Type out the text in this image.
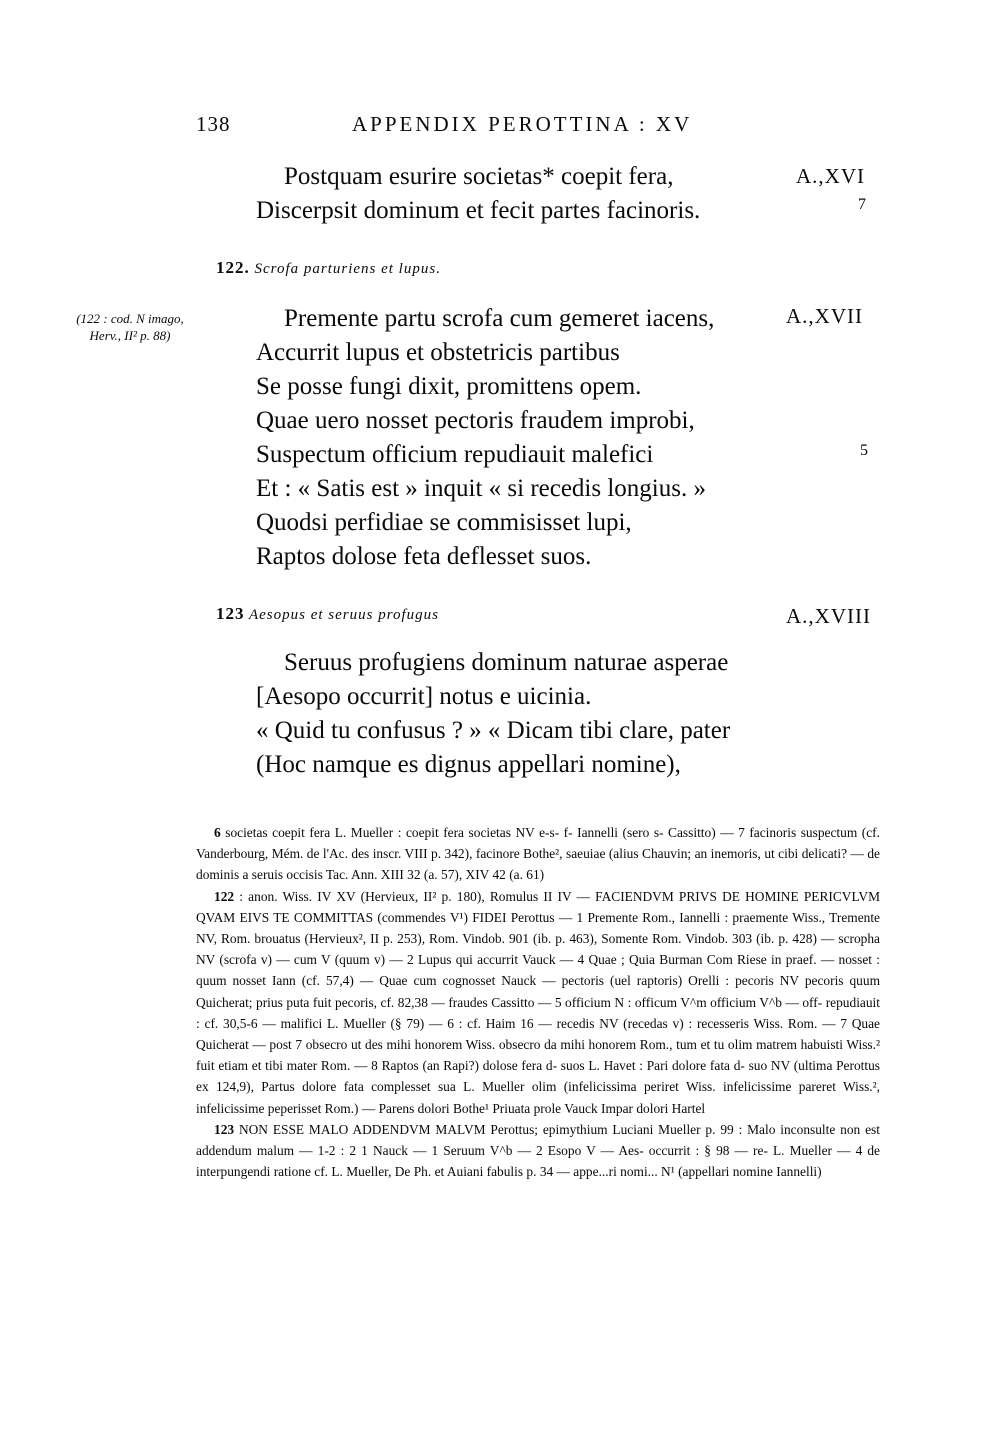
138	APPENDIX PEROTTINA : XV
Postquam esurire societas* coepit fera,	A.,XVI
Discerpsit dominum et fecit partes facinoris.	7
122. Scrofa parturiens et lupus.
(122 : cod. N imago, Herv., II² p. 88)
A.,XVII
Premente partu scrofa cum gemeret iacens,
Accurrit lupus et obstetricis partibus
Se posse fungi dixit, promittens opem.
Quae uero nosset pectoris fraudem improbi,
Suspectum officium repudiauit malefici	5
Et : « Satis est » inquit « si recedis longius. »
Quodsi perfidiae se commisisset lupi,
Raptos dolose feta deflesset suos.
123 Aesopus et seruus profugus	A.,XVIII
Seruus profugiens dominum naturae asperae
[Aesopo occurrit] notus e uicinia.
« Quid tu confusus ? » « Dicam tibi clare, pater
(Hoc namque es dignus appellari nomine),

6 societas coepit fera L. Mueller : coepit fera societas NV e-s- f- Iannelli (sero s- Cassitto) — 7 facinoris suspectum (cf. Vanderbourg, Mém. de l'Ac. des inscr. VIII p. 342), facinore Bothe², saeuiae (alius Chauvin; an inemoris, ut cibi delicati? — de dominis a seruis occisis Tac. Ann. XIII 32 (a. 57), XIV 42 (a. 61)

122 : anon. Wiss. IV XV (Hervieux, II² p. 180), Romulus II IV — FACIENDVM PRIVS DE HOMINE PERICVLVM QVAM EIVS TE COMMITTAS (commendes V¹) FIDEI Perottus — 1 Premente Rom., Iannelli : praemente Wiss., Tremente NV, Rom. brouatus (Hervieux², II p. 253), Rom. Vindob. 901 (ib. p. 463), Somente Rom. Vindob. 303 (ib. p. 428) — scropha NV (scrofa v) — cum V (quum v) — 2 Lupus qui accurrit Vauck — 4 Quae ; Quia Burman Com Riese in praef. — nosset : quum nosset Iann (cf. 57,4) — Quae cum cognosset Nauck — pectoris (uel raptoris) Orelli : pecoris NV pecoris quum Quicherat; prius puta fuit pecoris, cf. 82,38 — fraudes Cassitto — 5 officium N : officum V^m officium V^b — off- repudiauit : cf. 30,5-6 — malifici L. Mueller (§ 79) — 6 : cf. Haim 16 — recedis NV (recedas v) : recesseris Wiss. Rom. — 7 Quae Quicherat — post 7 obsecro ut des mihi honorem Wiss. obsecro da mihi honorem Rom., tum et tu olim matrem habuisti Wiss.² fuit etiam et tibi mater Rom. — 8 Raptos (an Rapi?) dolose fera d- suos L. Havet : Pari dolore fata d- suo NV (ultima Perottus ex 124,9), Partus dolore fata complesset sua L. Mueller olim (infelicissima periret Wiss. infelicissime pareret Wiss.², infelicissime peperisset Rom.) — Parens dolori Bothe¹ Priuata prole Vauck Impar dolori Hartel

123 NON ESSE MALO ADDENDVM MALVM Perottus; epimythium Luciani Mueller p. 99 : Malo inconsulte non est addendum malum — 1-2 : 2 1 Nauck — 1 Seruum V^b — 2 Esopo V — Aes- occurrit : § 98 — re- L. Mueller — 4 de interpungendi ratione cf. L. Mueller, De Ph. et Auiani fabulis p. 34 — appe...ri nomi... N¹ (appellari nomine Iannelli)
